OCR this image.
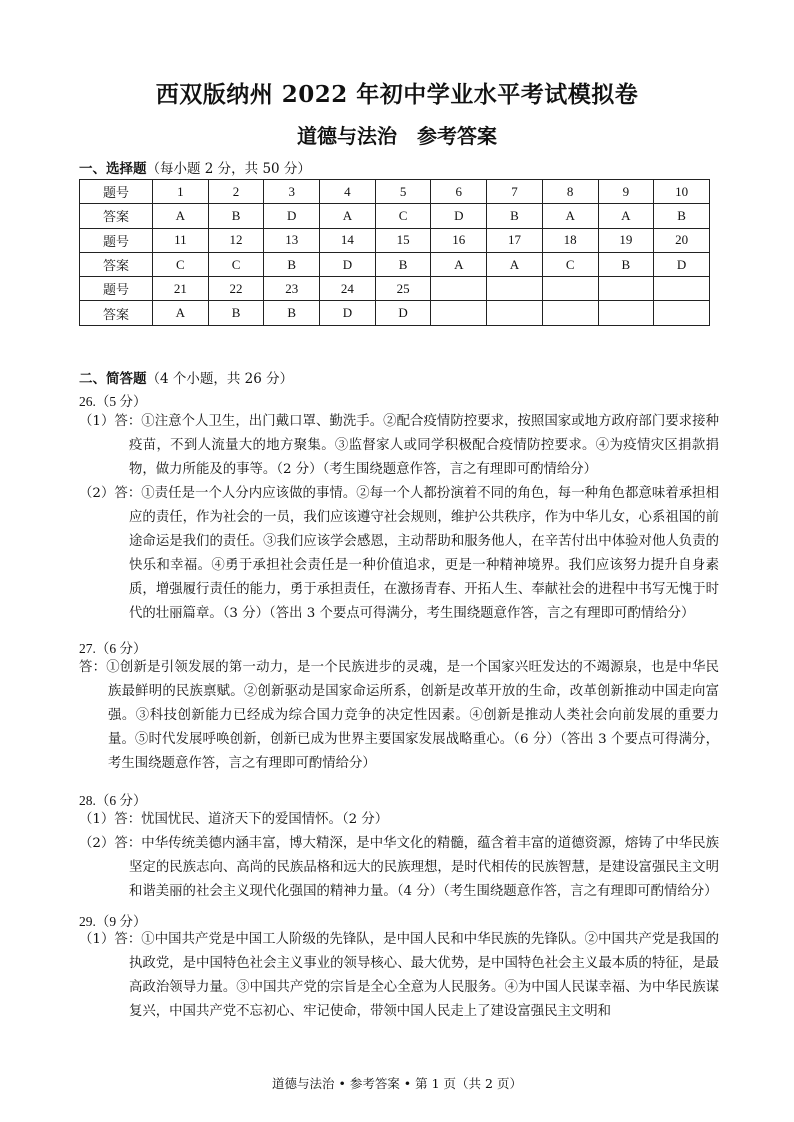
西双版纳州 2022 年初中学业水平考试模拟卷
道德与法治　参考答案
一、选择题（每小题 2 分，共 50 分）
题号	1	2	3	4	5	6	7	8	9	10
答案	A	B	D	A	C	D	B	A	A	B
题号	11	12	13	14	15	16	17	18	19	20
答案	C	C	B	D	B	A	A	C	B	D
题号	21	22	23	24	25					
答案	A	B	B	D	D					
二、简答题（4 个小题，共 26 分）
26.（5 分）
（1）答：①注意个人卫生，出门戴口罩、勤洗手。②配合疫情防控要求，按照国家或地方政府部门要求接种疫苗，不到人流量大的地方聚集。③监督家人或同学积极配合疫情防控要求。④为疫情灾区捐款捐物，做力所能及的事等。（2 分）（考生围绕题意作答，言之有理即可酌情给分）
（2）答：①责任是一个人分内应该做的事情。②每一个人都扮演着不同的角色，每一种角色都意味着承担相应的责任，作为社会的一员，我们应该遵守社会规则，维护公共秩序，作为中华儿女，心系祖国的前途命运是我们的责任。③我们应该学会感恩，主动帮助和服务他人，在辛苦付出中体验对他人负责的快乐和幸福。④勇于承担社会责任是一种价值追求，更是一种精神境界。我们应该努力提升自身素质，增强履行责任的能力，勇于承担责任，在激扬青春、开拓人生、奉献社会的进程中书写无愧于时代的壮丽篇章。（3 分）（答出 3 个要点可得满分，考生围绕题意作答，言之有理即可酌情给分）
27.（6 分）
答：①创新是引领发展的第一动力，是一个民族进步的灵魂，是一个国家兴旺发达的不竭源泉，也是中华民族最鲜明的民族禀赋。②创新驱动是国家命运所系，创新是改革开放的生命，改革创新推动中国走向富强。③科技创新能力已经成为综合国力竞争的决定性因素。④创新是推动人类社会向前发展的重要力量。⑤时代发展呼唤创新，创新已成为世界主要国家发展战略重心。（6 分）（答出 3 个要点可得满分，考生围绕题意作答，言之有理即可酌情给分）
28.（6 分）
（1）答：忧国忧民、道济天下的爱国情怀。（2 分）
（2）答：中华传统美德内涵丰富，博大精深，是中华文化的精髓，蕴含着丰富的道德资源，熔铸了中华民族坚定的民族志向、高尚的民族品格和远大的民族理想，是时代相传的民族智慧，是建设富强民主文明和谐美丽的社会主义现代化强国的精神力量。（4 分）（考生围绕题意作答，言之有理即可酌情给分）
29.（9 分）
（1）答：①中国共产党是中国工人阶级的先锋队，是中国人民和中华民族的先锋队。②中国共产党是我国的执政党，是中国特色社会主义事业的领导核心、最大优势，是中国特色社会主义最本质的特征，是最高政治领导力量。③中国共产党的宗旨是全心全意为人民服务。④为中国人民谋幸福、为中华民族谋复兴，中国共产党不忘初心、牢记使命，带领中国人民走上了建设富强民主文明和
道德与法治 • 参考答案 • 第 1 页（共 2 页）
